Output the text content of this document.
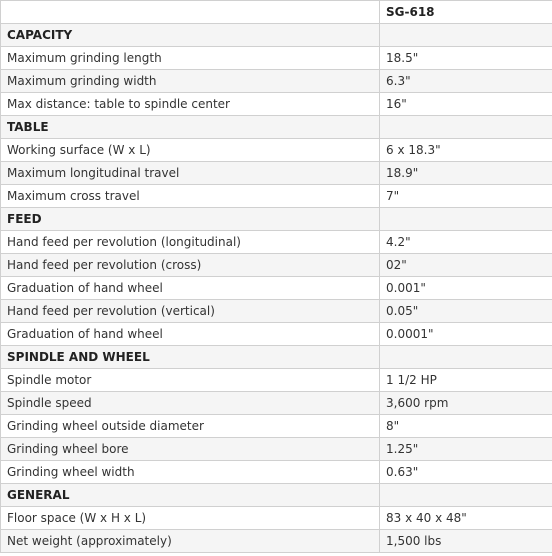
	SG-618
CAPACITY	
Maximum grinding length	18.5"
Maximum grinding width	6.3"
Max distance: table to spindle center	16"
TABLE	
Working surface (W x L)	6 x 18.3"
Maximum longitudinal travel	18.9"
Maximum cross travel	7"
FEED	
Hand feed per revolution (longitudinal)	4.2"
Hand feed per revolution (cross)	02"
Graduation of hand wheel	0.001"
Hand feed per revolution (vertical)	0.05"
Graduation of hand wheel	0.0001"
SPINDLE AND WHEEL	
Spindle motor	1 1/2 HP
Spindle speed	3,600 rpm
Grinding wheel outside diameter	8"
Grinding wheel bore	1.25"
Grinding wheel width	0.63"
GENERAL	
Floor space (W x H x L)	83 x 40 x 48"
Net weight (approximately)	1,500 lbs
